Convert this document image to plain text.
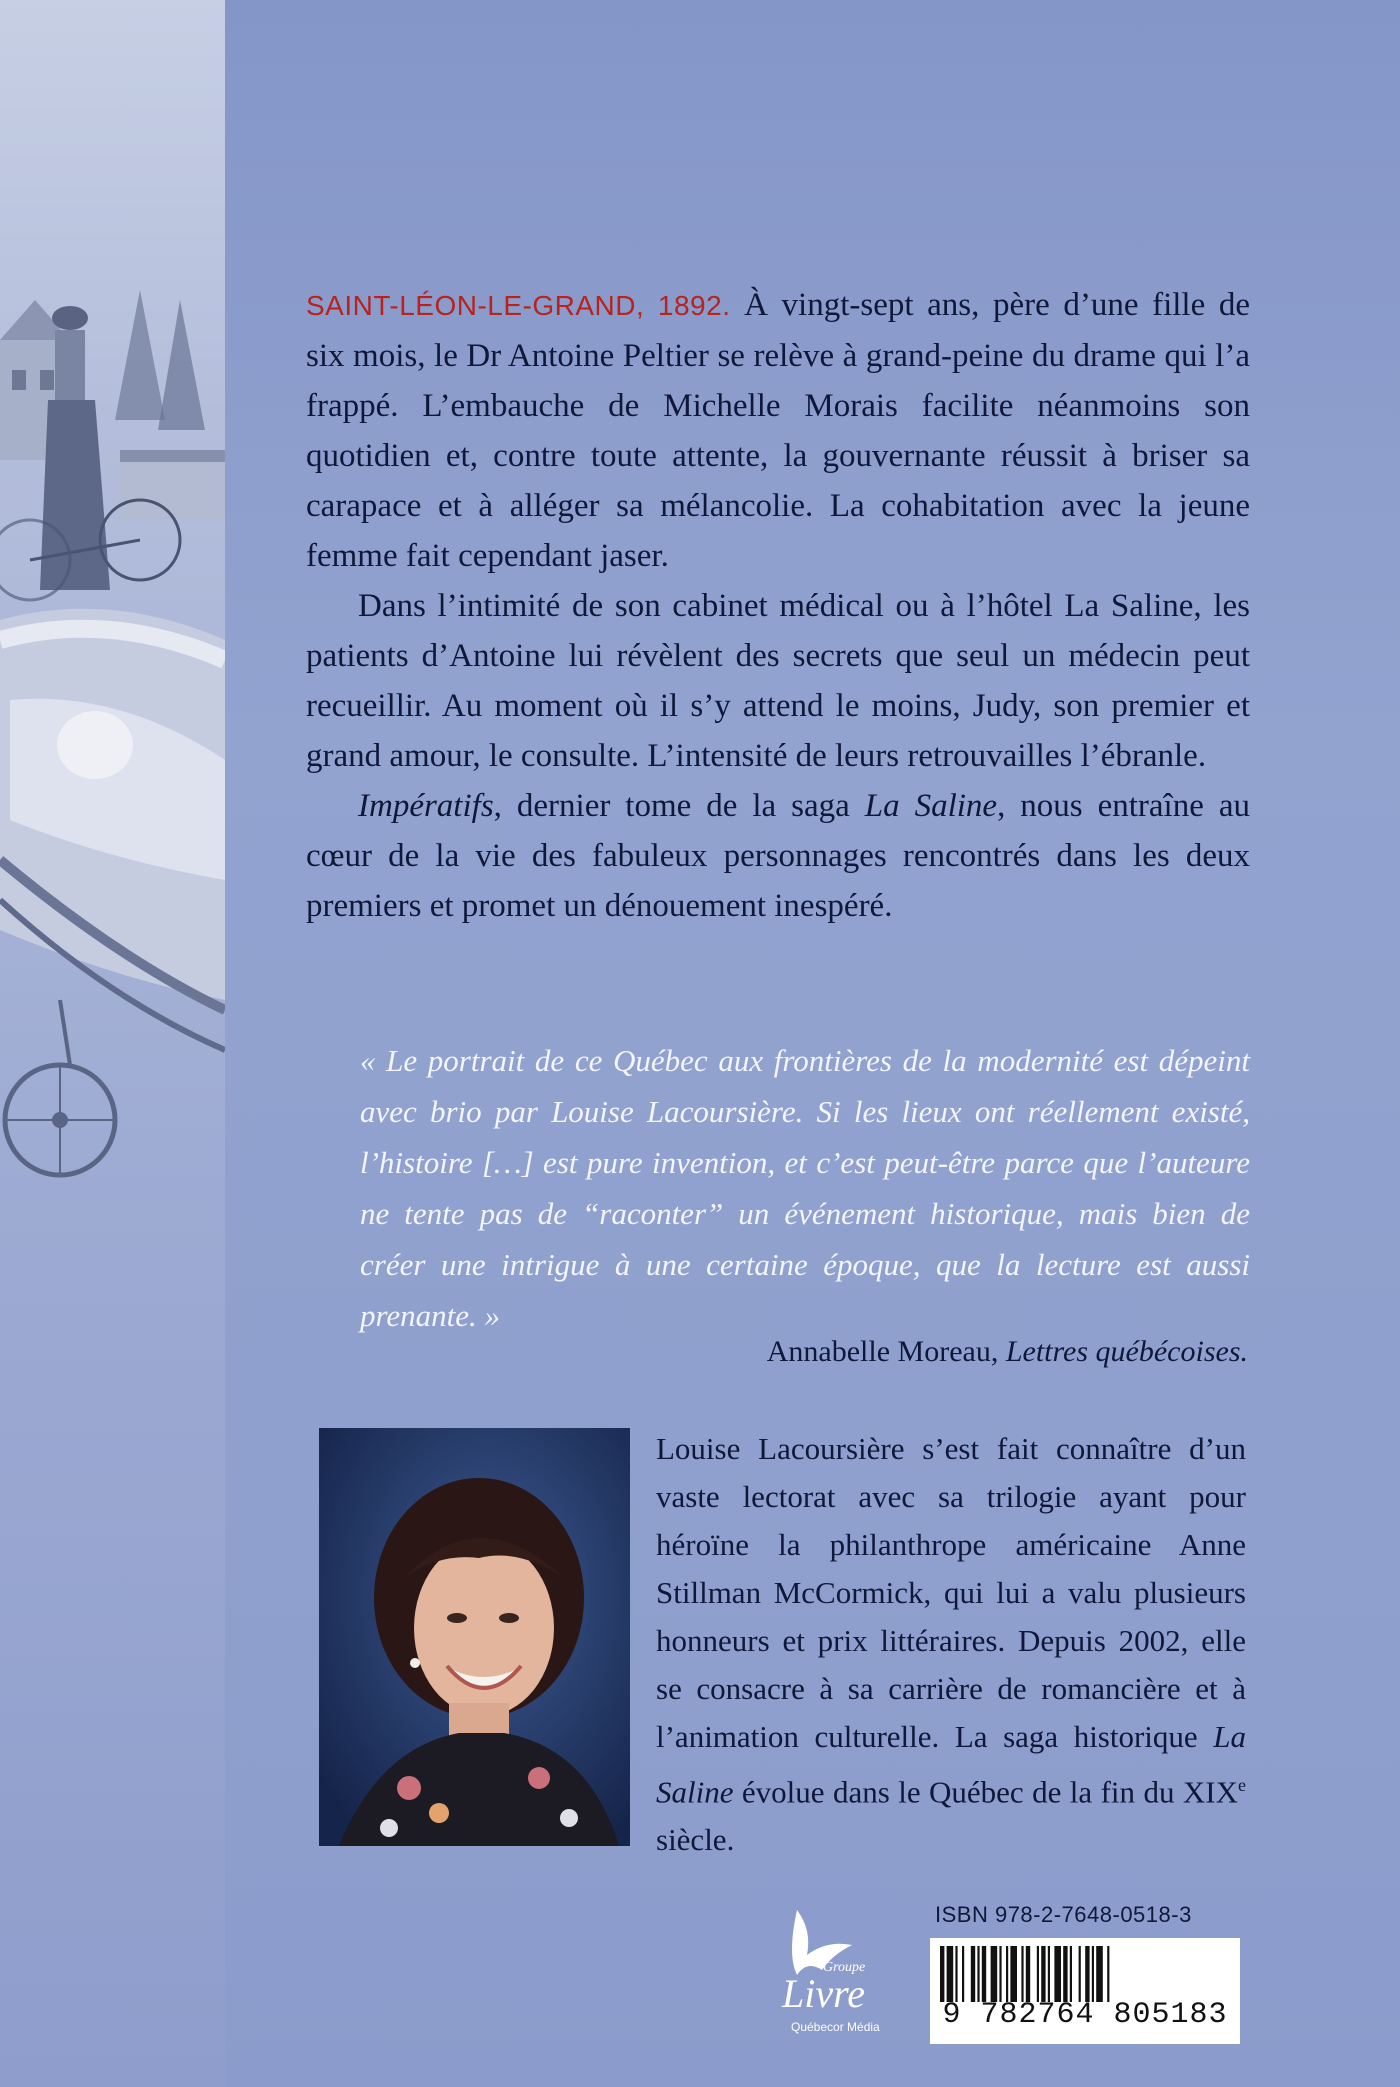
SAINT-LÉON-LE-GRAND, 1892. À vingt-sept ans, père d’une fille de six mois, le Dr Antoine Peltier se relève à grand-peine du drame qui l’a frappé. L’embauche de Michelle Morais facilite néanmoins son quotidien et, contre toute attente, la gouvernante réussit à briser sa carapace et à alléger sa mélancolie. La cohabitation avec la jeune femme fait cependant jaser.

Dans l’intimité de son cabinet médical ou à l’hôtel La Saline, les patients d’Antoine lui révèlent des secrets que seul un médecin peut recueillir. Au moment où il s’y attend le moins, Judy, son premier et grand amour, le consulte. L’intensité de leurs retrouvailles l’ébranle.

Impératifs, dernier tome de la saga La Saline, nous entraîne au cœur de la vie des fabuleux personnages rencontrés dans les deux premiers et promet un dénouement inespéré.

« Le portrait de ce Québec aux frontières de la modernité est dépeint avec brio par Louise Lacoursière. Si les lieux ont réellement existé, l’histoire […] est pure invention, et c’est peut-être parce que l’auteure ne tente pas de “raconter” un événement historique, mais bien de créer une intrigue à une certaine époque, que la lecture est aussi prenante. »

Annabelle Moreau, Lettres québécoises.

Louise Lacoursière s’est fait connaître d’un vaste lectorat avec sa trilogie ayant pour héroïne la philanthrope américaine Anne Stillman McCormick, qui lui a valu plusieurs honneurs et prix littéraires. Depuis 2002, elle se consacre à sa carrière de romancière et à l’animation culturelle. La saga historique La Saline évolue dans le Québec de la fin du XIXe siècle.

Groupe
Livre
Québecor Média
ISBN 978-2-7648-0518-3
9 782764 805183
